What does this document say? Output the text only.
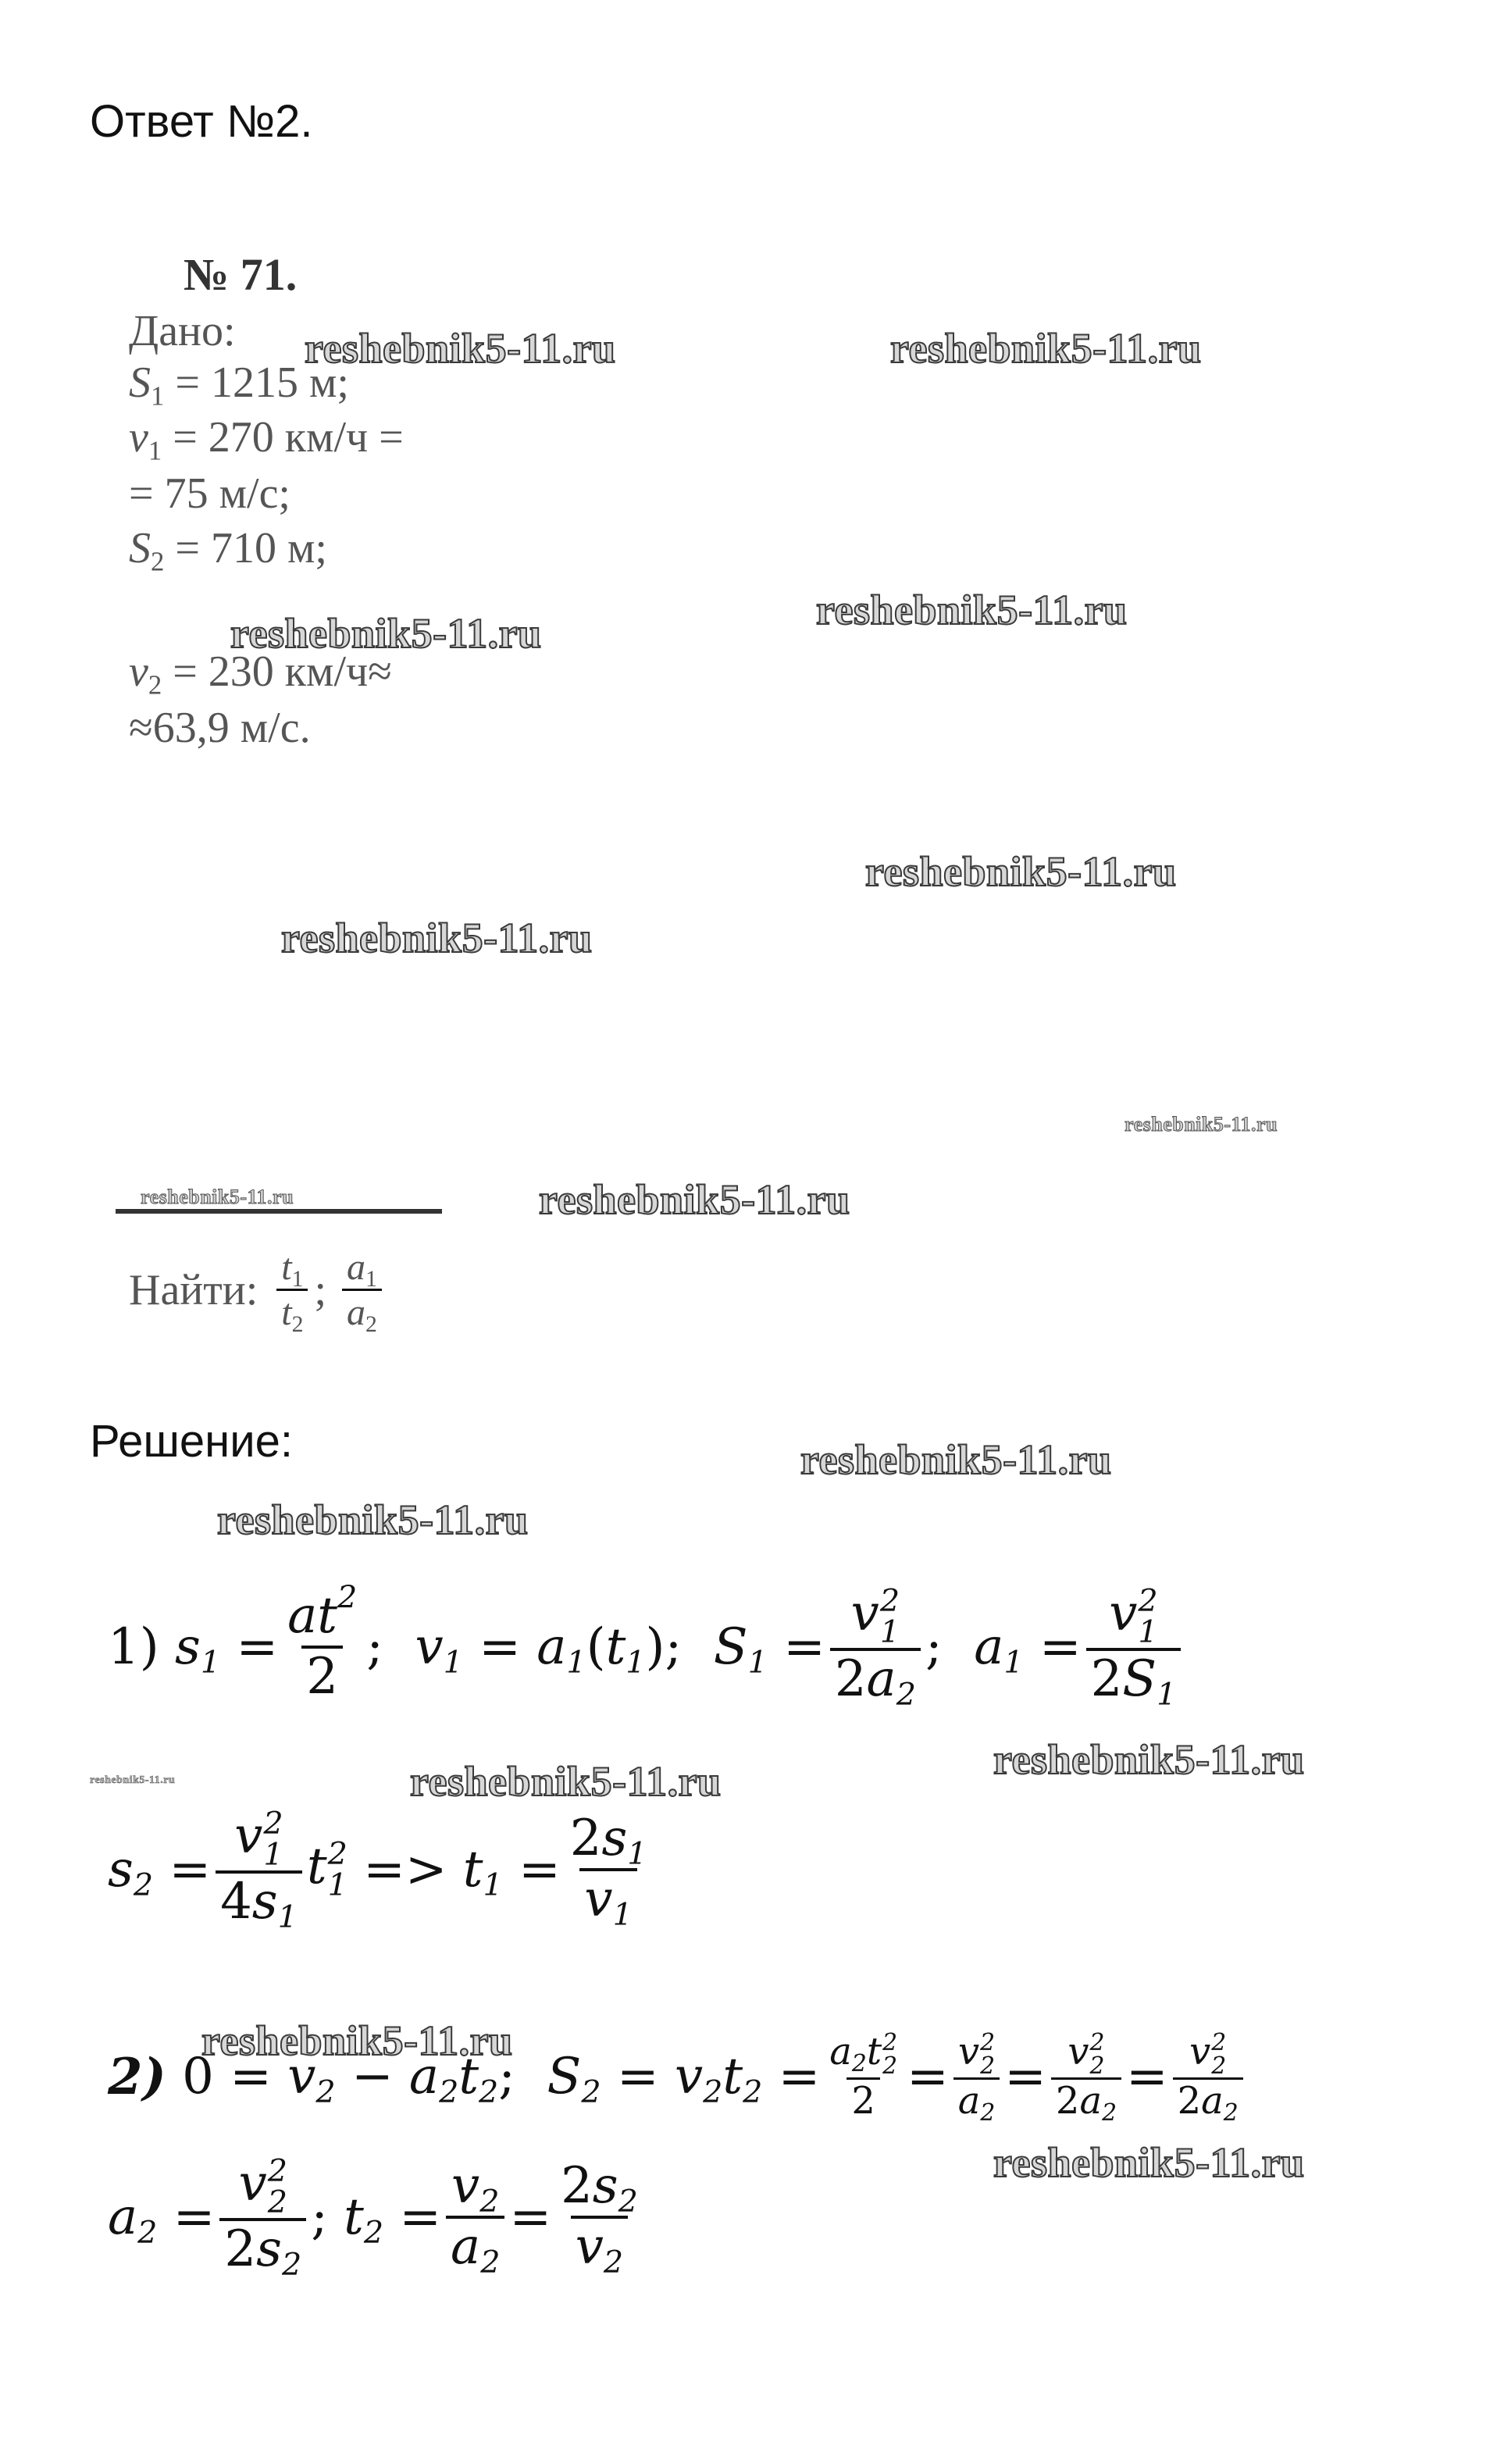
Ответ №2.
№ 71.
Дано:
$S_1 = 1215$ м;
$v_1 = 270$ км/ч =
= 75 м/с;
$S_2 = 710$ м;
$v_2 = 230$ км/ч≈
≈63,9 м/с.
Найти: $\frac{t_1}{t_2}$ ; $\frac{a_1}{a_2}$
Решение:
1)
$s_1 = \frac{at^2}{2}$ ;
$v_1 = a_1(t_1)$ ;
$S_1 = v$ 2
1
$2a_2$ ;
$a_1 = v$ 2
1
$2S_1$
$s_2 = v$ 2
1
$4s_1$ t 2
1
=>
$t_1 = \frac{2s_1}{v_1}$
2)
$0 = v_2 - a_2t_2$ ;
$S_2 = v_2t_2 = a_2t$ 2
2
2 = v 2
2
$a_2 = v$ 2
2
$2a_2 = v$ 2
2
$2a_2$
$a_2 = v$ 2
2
$2s_2$ ;
$t_2 = \frac{v_2}{a_2} = \frac{2s_2}{v_2}$
reshebnik5-11.ru	reshebnik5-11.ru
reshebnik5-11.ru
reshebnik5-11.ru
reshebnik5-11.ru
reshebnik5-11.ru
reshebnik5-11.ru
reshebnik5-11.ru	reshebnik5-11.ru
reshebnik5-11.ru
reshebnik5-11.ru
reshebnik5-11.ru	reshebnik5-11.ru	reshebnik5-11.ru
reshebnik5-11.ru
reshebnik5-11.ru
